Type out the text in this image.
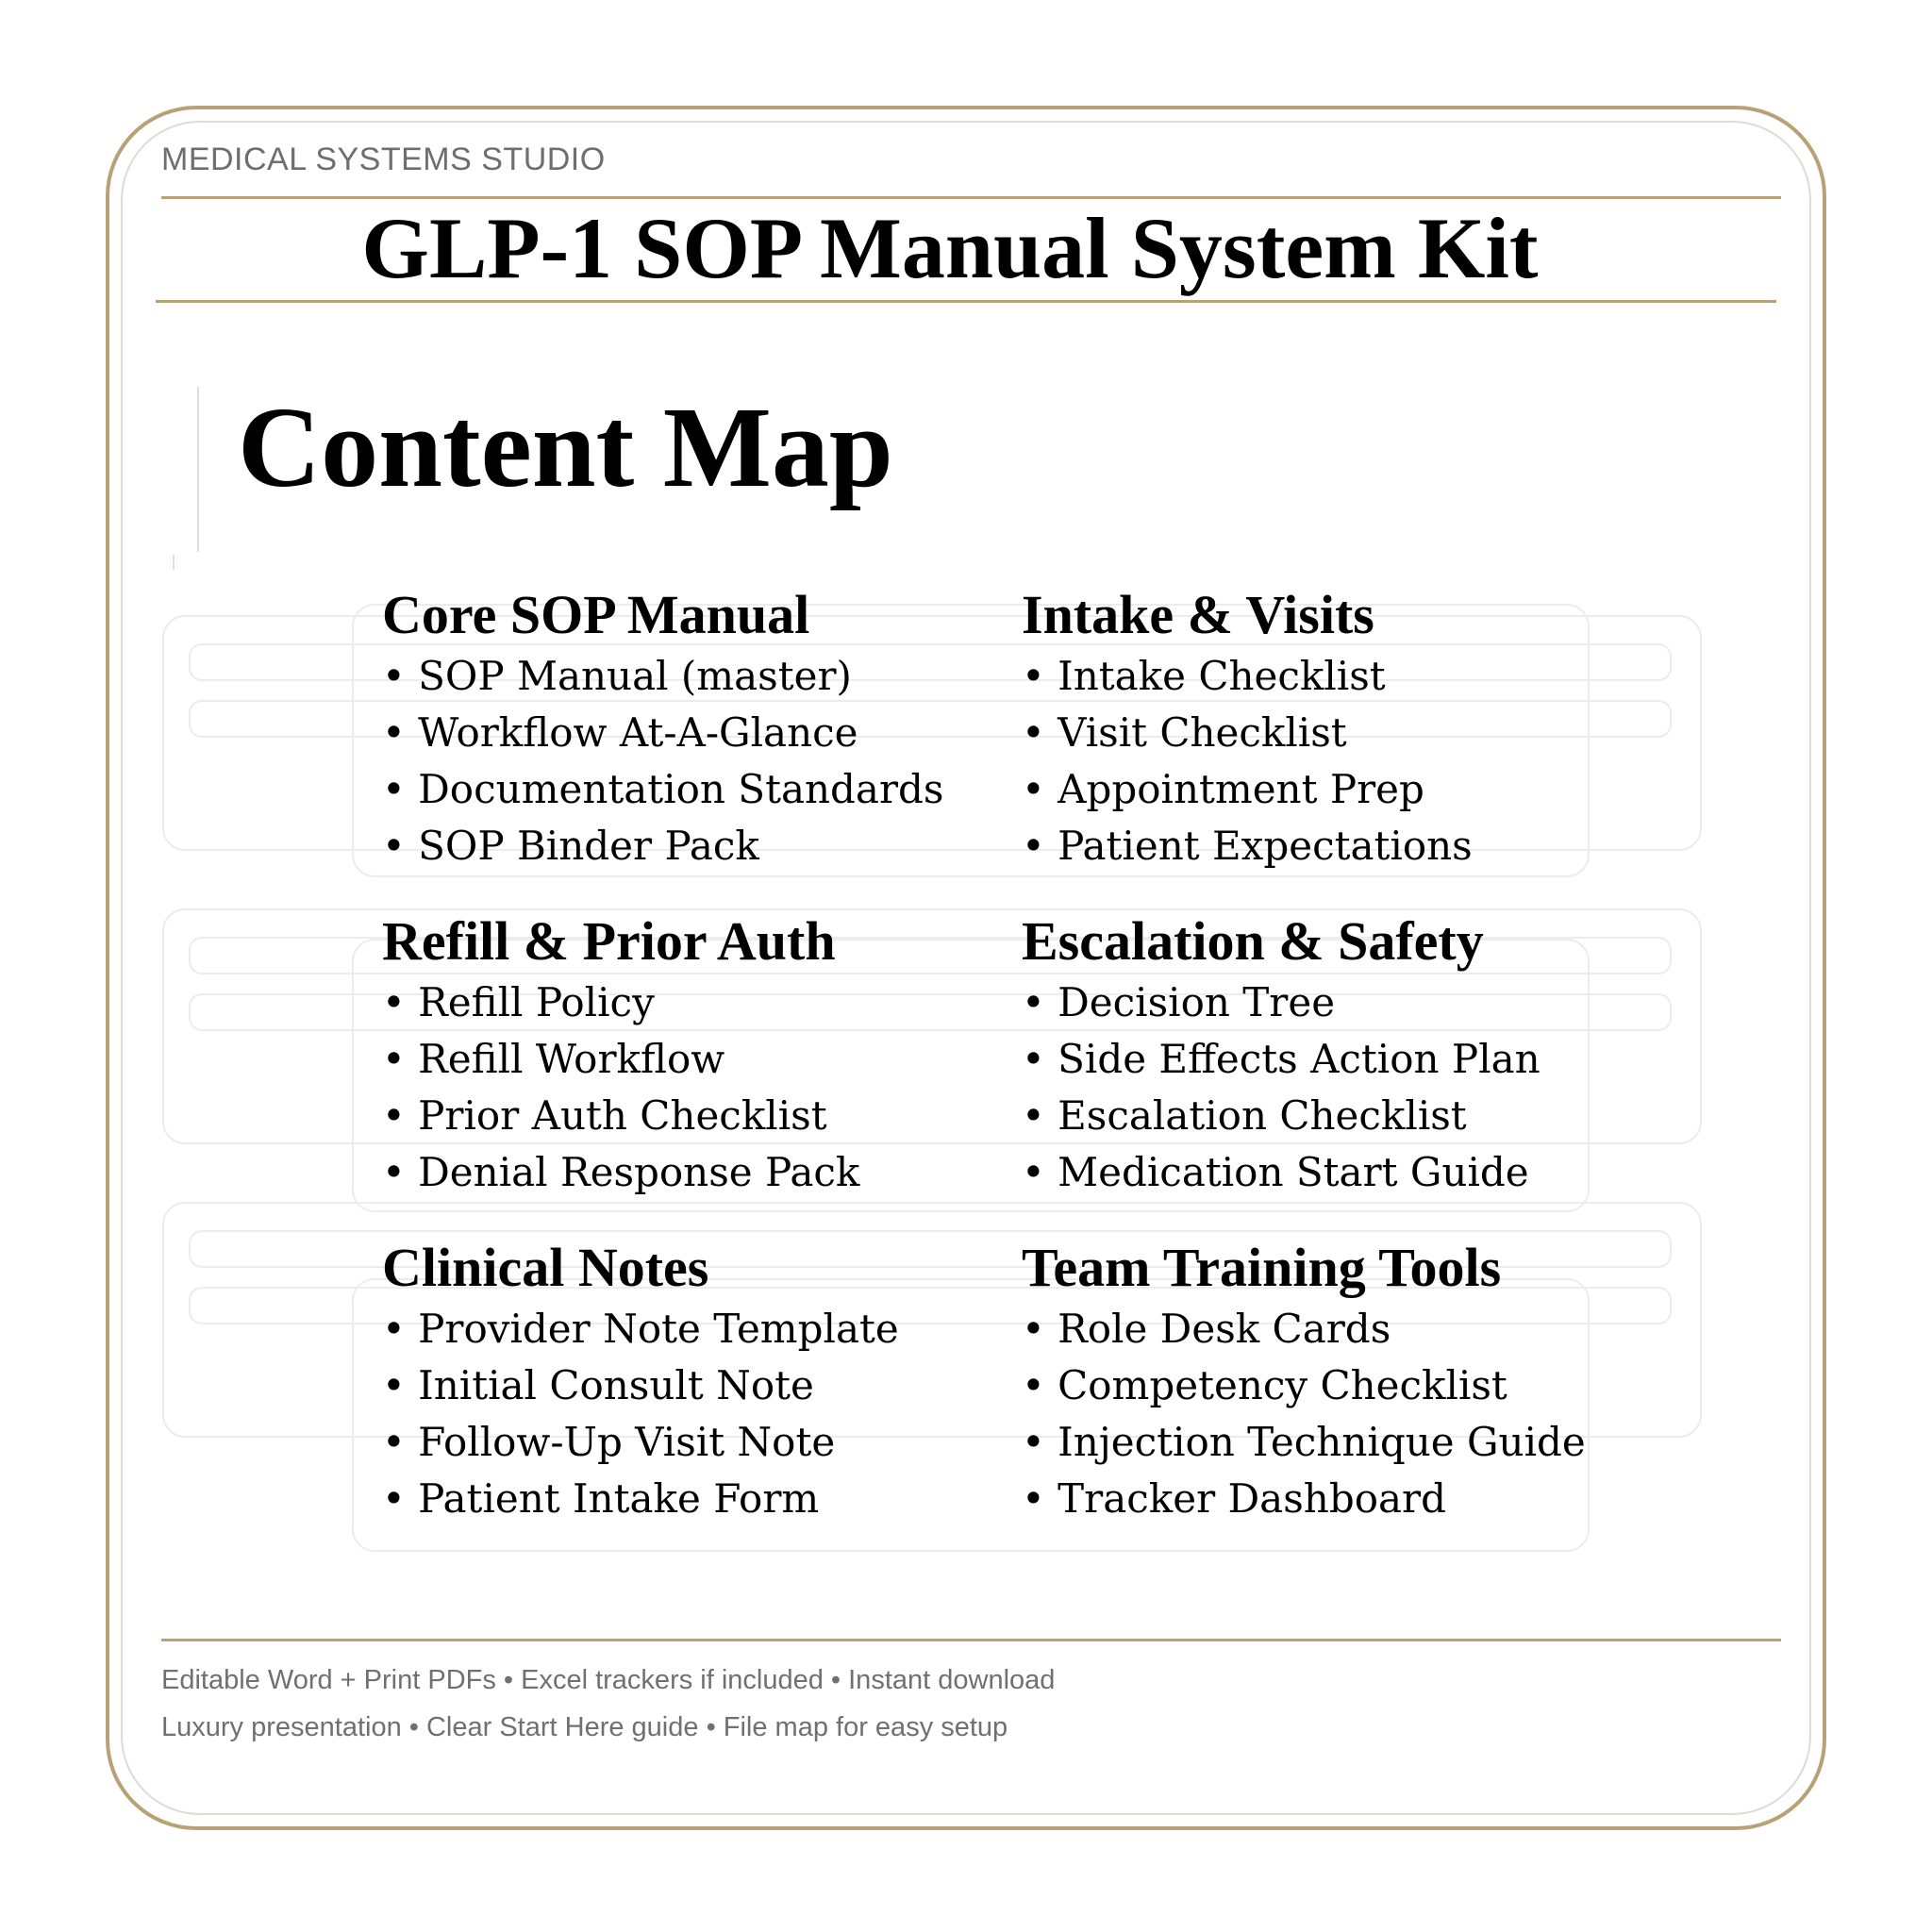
MEDICAL SYSTEMS STUDIO
GLP-1 SOP Manual System Kit
Content Map
Core SOP Manual
• SOP Manual (master)
• Workflow At-A-Glance
• Documentation Standards
• SOP Binder Pack
Intake & Visits
• Intake Checklist
• Visit Checklist
• Appointment Prep
• Patient Expectations
Refill & Prior Auth
• Refill Policy
• Refill Workflow
• Prior Auth Checklist
• Denial Response Pack
Escalation & Safety
• Decision Tree
• Side Effects Action Plan
• Escalation Checklist
• Medication Start Guide
Clinical Notes
• Provider Note Template
• Initial Consult Note
• Follow-Up Visit Note
• Patient Intake Form
Team Training Tools
• Role Desk Cards
• Competency Checklist
• Injection Technique Guide
• Tracker Dashboard
Editable Word + Print PDFs • Excel trackers if included • Instant download
Luxury presentation • Clear Start Here guide • File map for easy setup
